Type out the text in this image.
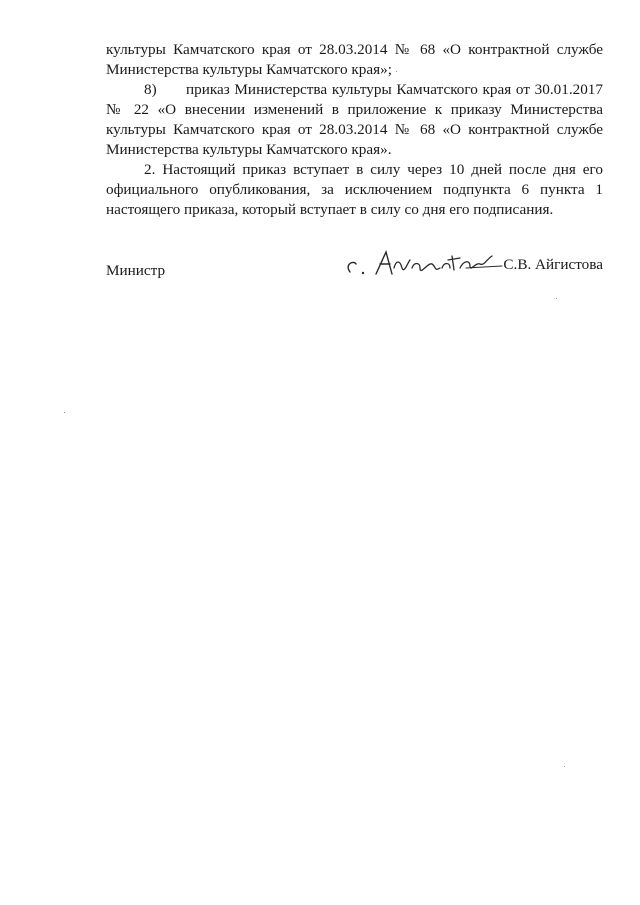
культуры Камчатского края от 28.03.2014 № 68 «О контрактной службе
Министерства культуры Камчатского края»;
8) приказ Министерства культуры Камчатского края от 30.01.2017
№ 22 «О внесении изменений в приложение к приказу Министерства
культуры Камчатского края от 28.03.2014 № 68 «О контрактной службе
Министерства культуры Камчатского края».
2. Настоящий приказ вступает в силу через 10 дней после дня его
официального опубликования, за исключением подпункта 6 пункта 1
настоящего приказа, который вступает в силу со дня его подписания.
Министр	С.В. Айгистова
